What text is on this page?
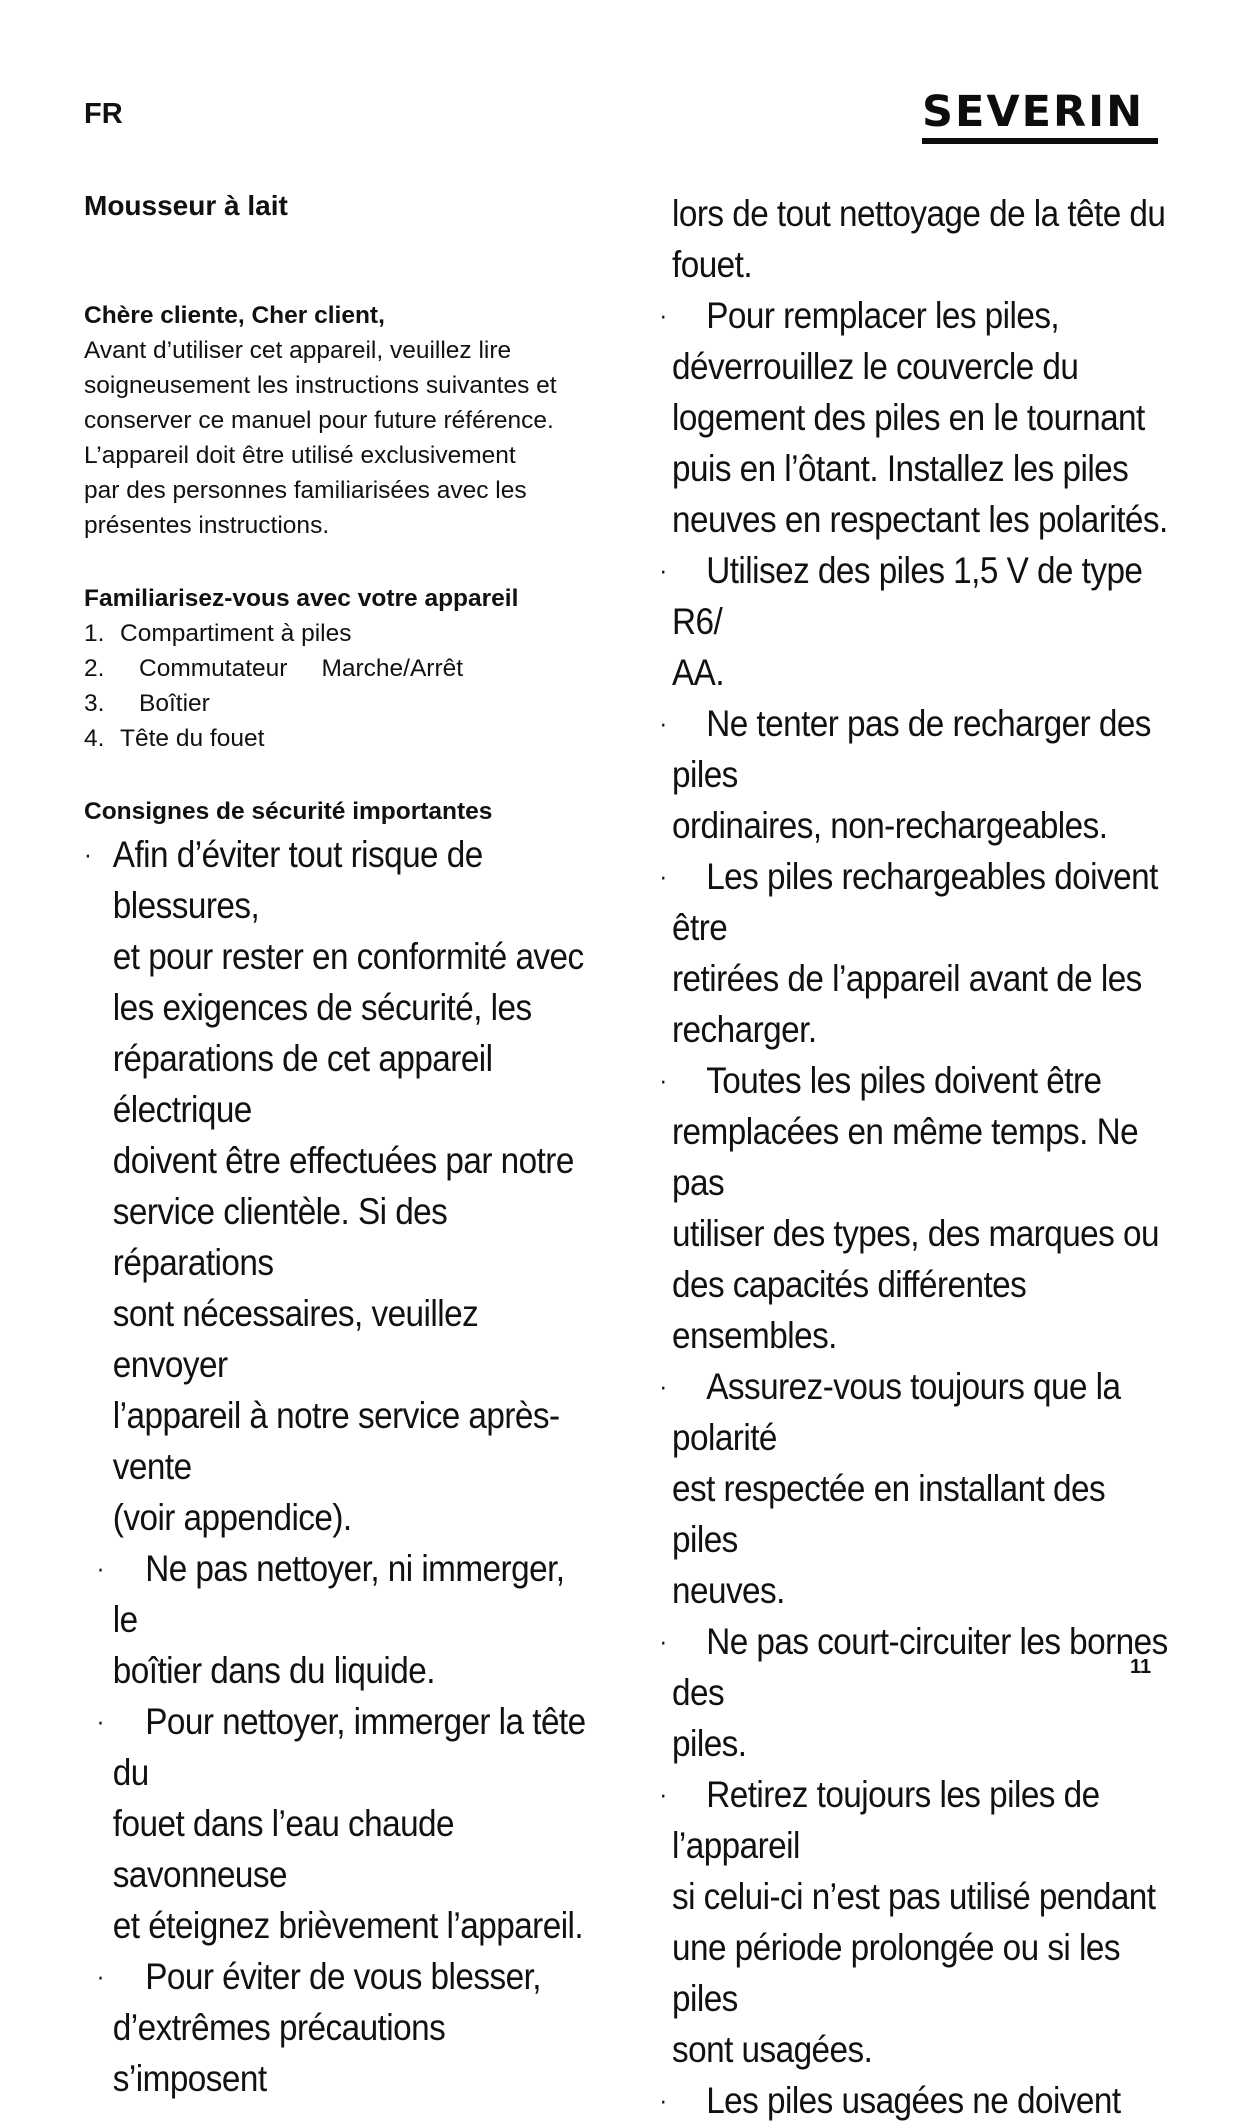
FR	SEVERIN
Mousseur à lait
Chère cliente, Cher client,
Avant d’utiliser cet appareil, veuillez lire
soigneusement les instructions suivantes et
conserver ce manuel pour future référence.
L’appareil doit être utilisé exclusivement
par des personnes familiarisées avec les
présentes instructions.
Familiarisez-vous avec votre appareil
1. Compartiment à piles
2. Commutateur     Marche/Arrêt
3. Boîtier
4. Tête du fouet
Consignes de sécurité importantes
· Afin d’éviter tout risque de blessures,
et pour rester en conformité avec
les exigences de sécurité, les
réparations de cet appareil électrique
doivent être effectuées par notre
service clientèle. Si des réparations
sont nécessaires, veuillez envoyer
l’appareil à notre service après-vente
(voir appendice).
·	Ne pas nettoyer, ni immerger, le
boîtier dans du liquide.
·	Pour nettoyer, immerger la tête du
fouet dans l’eau chaude savonneuse
et éteignez brièvement l’appareil.
·	Pour éviter de vous blesser,
d’extrêmes précautions s’imposent
lors de tout nettoyage de la tête du
fouet.
·	Pour remplacer les piles,
déverrouillez le couvercle du
logement des piles en le tournant
puis en l’ôtant. Installez les piles
neuves en respectant les polarités.
·	Utilisez des piles 1,5 V de type R6/
AA.
·	Ne tenter pas de recharger des piles
ordinaires, non-rechargeables.
·	Les piles rechargeables doivent être
retirées de l’appareil avant de les
recharger.
·	Toutes les piles doivent être
remplacées en même temps. Ne pas
utiliser des types, des marques ou
des capacités différentes ensembles.
·	Assurez-vous toujours que la polarité
est respectée en installant des piles
neuves.
·	Ne pas court-circuiter les bornes des
piles.
·	Retirez toujours les piles de l’appareil
si celui-ci n’est pas utilisé pendant
une période prolongée ou si les piles
sont usagées.
·	Les piles usagées ne doivent
11
